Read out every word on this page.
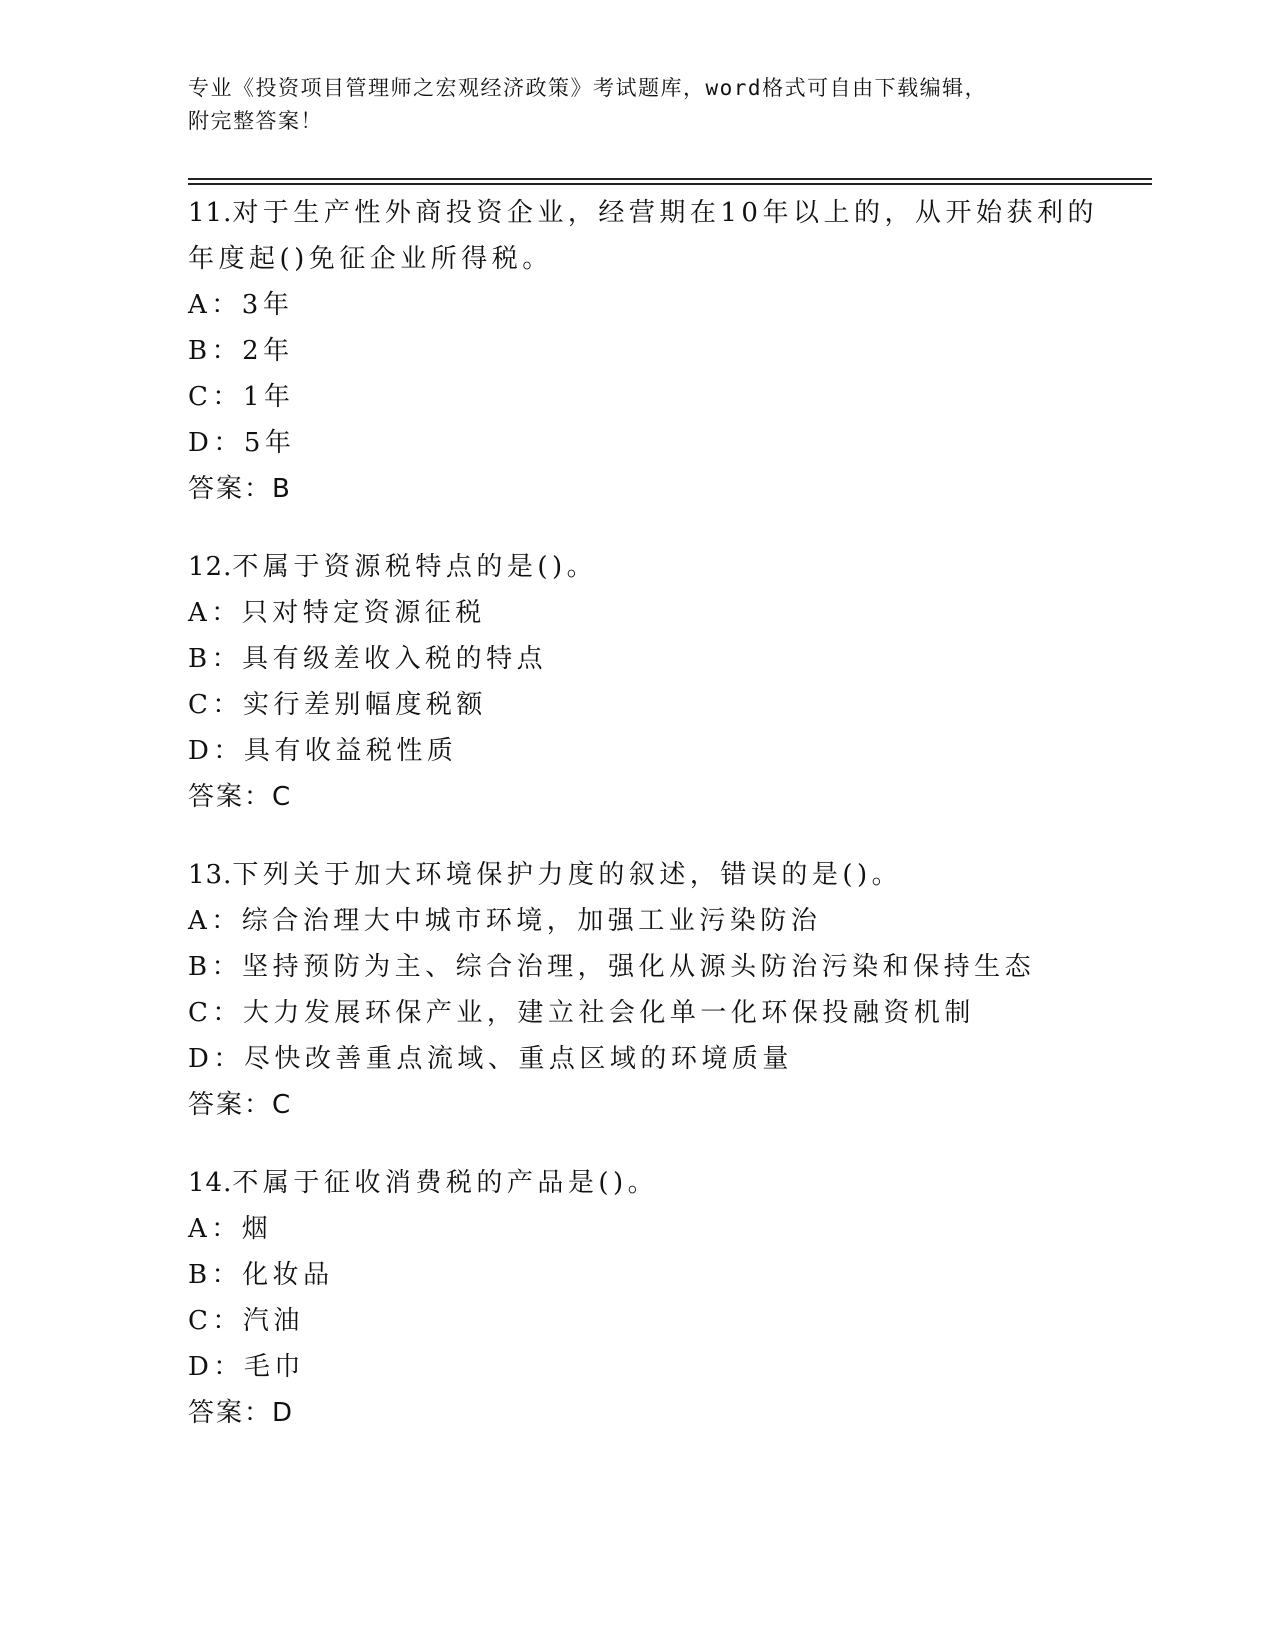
专业《投资项目管理师之宏观经济政策》考试题库，word格式可自由下载编辑，
附完整答案！

11.对于生产性外商投资企业，经营期在10年以上的，从开始获利的

年度起()免征企业所得税。

A：3年

B：2年

C：1年

D：5年

答案：B

12.不属于资源税特点的是()。

A：只对特定资源征税

B：具有级差收入税的特点

C：实行差别幅度税额

D：具有收益税性质

答案：C

13.下列关于加大环境保护力度的叙述，错误的是()。

A：综合治理大中城市环境，加强工业污染防治

B：坚持预防为主、综合治理，强化从源头防治污染和保持生态

C：大力发展环保产业，建立社会化单一化环保投融资机制

D：尽快改善重点流域、重点区域的环境质量

答案：C

14.不属于征收消费税的产品是()。

A：烟

B：化妆品

C：汽油

D：毛巾

答案：D
